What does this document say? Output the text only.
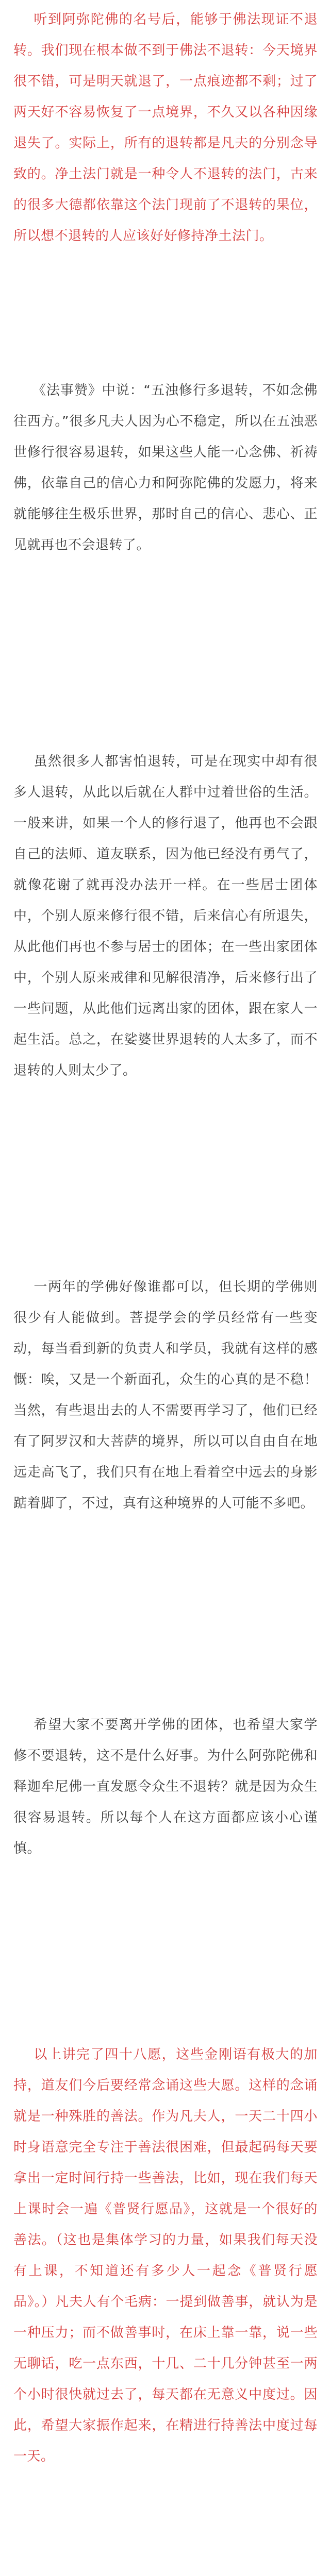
听到阿弥陀佛的名号后，能够于佛法现证不退转。我们现在根本做不到于佛法不退转：今天境界很不错，可是明天就退了，一点痕迹都不剩；过了两天好不容易恢复了一点境界，不久又以各种因缘退失了。实际上，所有的退转都是凡夫的分别念导致的。净土法门就是一种令人不退转的法门，古来的很多大德都依靠这个法门现前了不退转的果位，所以想不退转的人应该好好修持净土法门。

《法事赞》中说：“五浊修行多退转，不如念佛往西方。”很多凡夫人因为心不稳定，所以在五浊恶世修行很容易退转，如果这些人能一心念佛、祈祷佛，依靠自己的信心力和阿弥陀佛的发愿力，将来就能够往生极乐世界，那时自己的信心、悲心、正见就再也不会退转了。

虽然很多人都害怕退转，可是在现实中却有很多人退转，从此以后就在人群中过着世俗的生活。一般来讲，如果一个人的修行退了，他再也不会跟自己的法师、道友联系，因为他已经没有勇气了，就像花谢了就再没办法开一样。在一些居士团体中，个别人原来修行很不错，后来信心有所退失，从此他们再也不参与居士的团体；在一些出家团体中，个别人原来戒律和见解很清净，后来修行出了一些问题，从此他们远离出家的团体，跟在家人一起生活。总之，在娑婆世界退转的人太多了，而不退转的人则太少了。

一两年的学佛好像谁都可以，但长期的学佛则很少有人能做到。菩提学会的学员经常有一些变动，每当看到新的负责人和学员，我就有这样的感慨：唉，又是一个新面孔，众生的心真的是不稳！当然，有些退出去的人不需要再学习了，他们已经有了阿罗汉和大菩萨的境界，所以可以自由自在地远走高飞了，我们只有在地上看着空中远去的身影踮着脚了，不过，真有这种境界的人可能不多吧。

希望大家不要离开学佛的团体，也希望大家学修不要退转，这不是什么好事。为什么阿弥陀佛和释迦牟尼佛一直发愿令众生不退转？就是因为众生很容易退转。所以每个人在这方面都应该小心谨慎。

以上讲完了四十八愿，这些金刚语有极大的加持，道友们今后要经常念诵这些大愿。这样的念诵就是一种殊胜的善法。作为凡夫人，一天二十四小时身语意完全专注于善法很困难，但最起码每天要拿出一定时间行持一些善法，比如，现在我们每天上课时会一遍《普贤行愿品》，这就是一个很好的善法。（这也是集体学习的力量，如果我们每天没有上课，不知道还有多少人一起念《普贤行愿品》。）凡夫人有个毛病：一提到做善事，就认为是一种压力；而不做善事时，在床上靠一靠，说一些无聊话，吃一点东西，十几、二十几分钟甚至一两个小时很快就过去了，每天都在无意义中度过。因此，希望大家振作起来，在精进行持善法中度过每一天。
